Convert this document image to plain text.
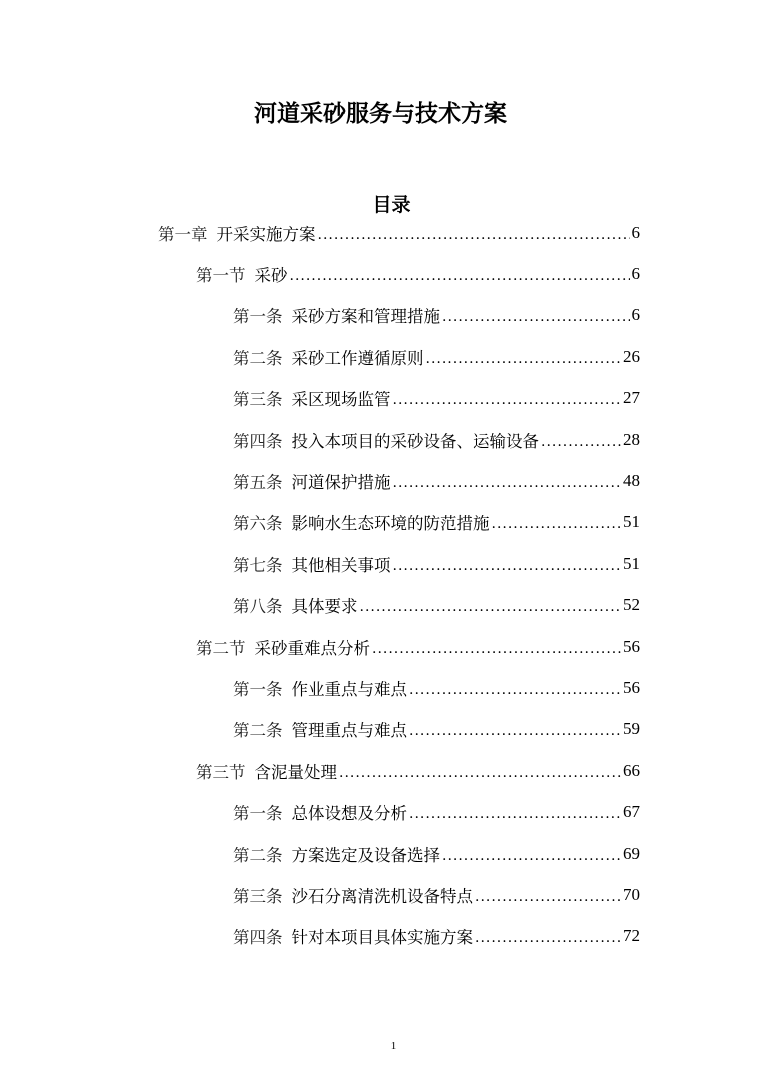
河道采砂服务与技术方案
目录
第一章 开采实施方案 .....	6
第一节 采砂 .....	6
第一条 采砂方案和管理措施 .....	6
第二条 采砂工作遵循原则 .....	26
第三条 采区现场监管 .....	27
第四条 投入本项目的采砂设备、运输设备 .....	28
第五条 河道保护措施 .....	48
第六条 影响水生态环境的防范措施 .....	51
第七条 其他相关事项 .....	51
第八条 具体要求 .....	52
第二节 采砂重难点分析 .....	56
第一条 作业重点与难点 .....	56
第二条 管理重点与难点 .....	59
第三节 含泥量处理 .....	66
第一条 总体设想及分析 .....	67
第二条 方案选定及设备选择 .....	69
第三条 沙石分离清洗机设备特点 .....	70
第四条 针对本项目具体实施方案 .....	72
1
